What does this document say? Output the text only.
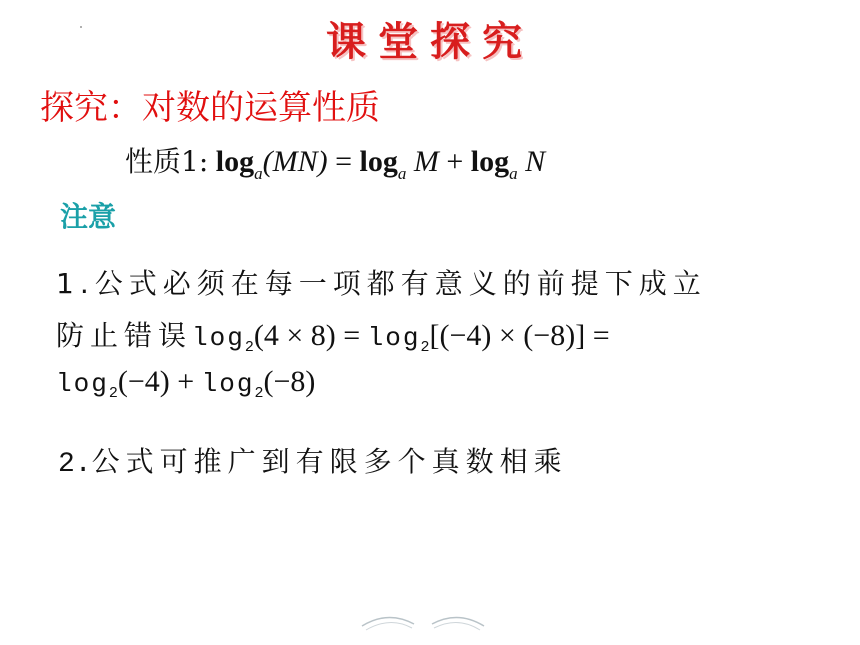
课堂探究
探究：对数的运算性质
性质1: $\log_a(MN) = \log_a M + \log_a N$
注意
1.公式必须在每一项都有意义的前提下成立
防止错误$\log_2(4 \times 8) = \log_2[(-4) \times (-8)]$ =
$\log_2(-4) + \log_2(-8)$
2.公式可推广到有限多个真数相乘
